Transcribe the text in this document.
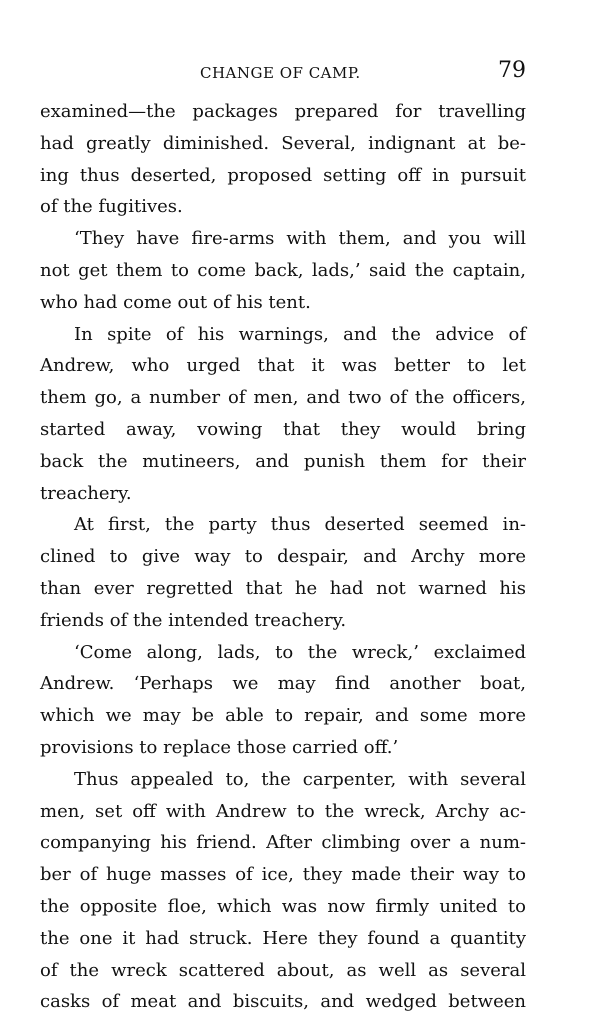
CHANGE OF CAMP.	79
examined—the packages prepared for travelling
had greatly diminished. Several, indignant at be-
ing thus deserted, proposed setting off in pursuit
of the fugitives.
‘They have fire-arms with them, and you will
not get them to come back, lads,’ said the captain,
who had come out of his tent.
In spite of his warnings, and the advice of
Andrew, who urged that it was better to let
them go, a number of men, and two of the officers,
started away, vowing that they would bring
back the mutineers, and punish them for their
treachery.
At first, the party thus deserted seemed in-
clined to give way to despair, and Archy more
than ever regretted that he had not warned his
friends of the intended treachery.
‘Come along, lads, to the wreck,’ exclaimed
Andrew. ‘Perhaps we may find another boat,
which we may be able to repair, and some more
provisions to replace those carried off.’
Thus appealed to, the carpenter, with several
men, set off with Andrew to the wreck, Archy ac-
companying his friend. After climbing over a num-
ber of huge masses of ice, they made their way to
the opposite floe, which was now firmly united to
the one it had struck. Here they found a quantity
of the wreck scattered about, as well as several
casks of meat and biscuits, and wedged between
